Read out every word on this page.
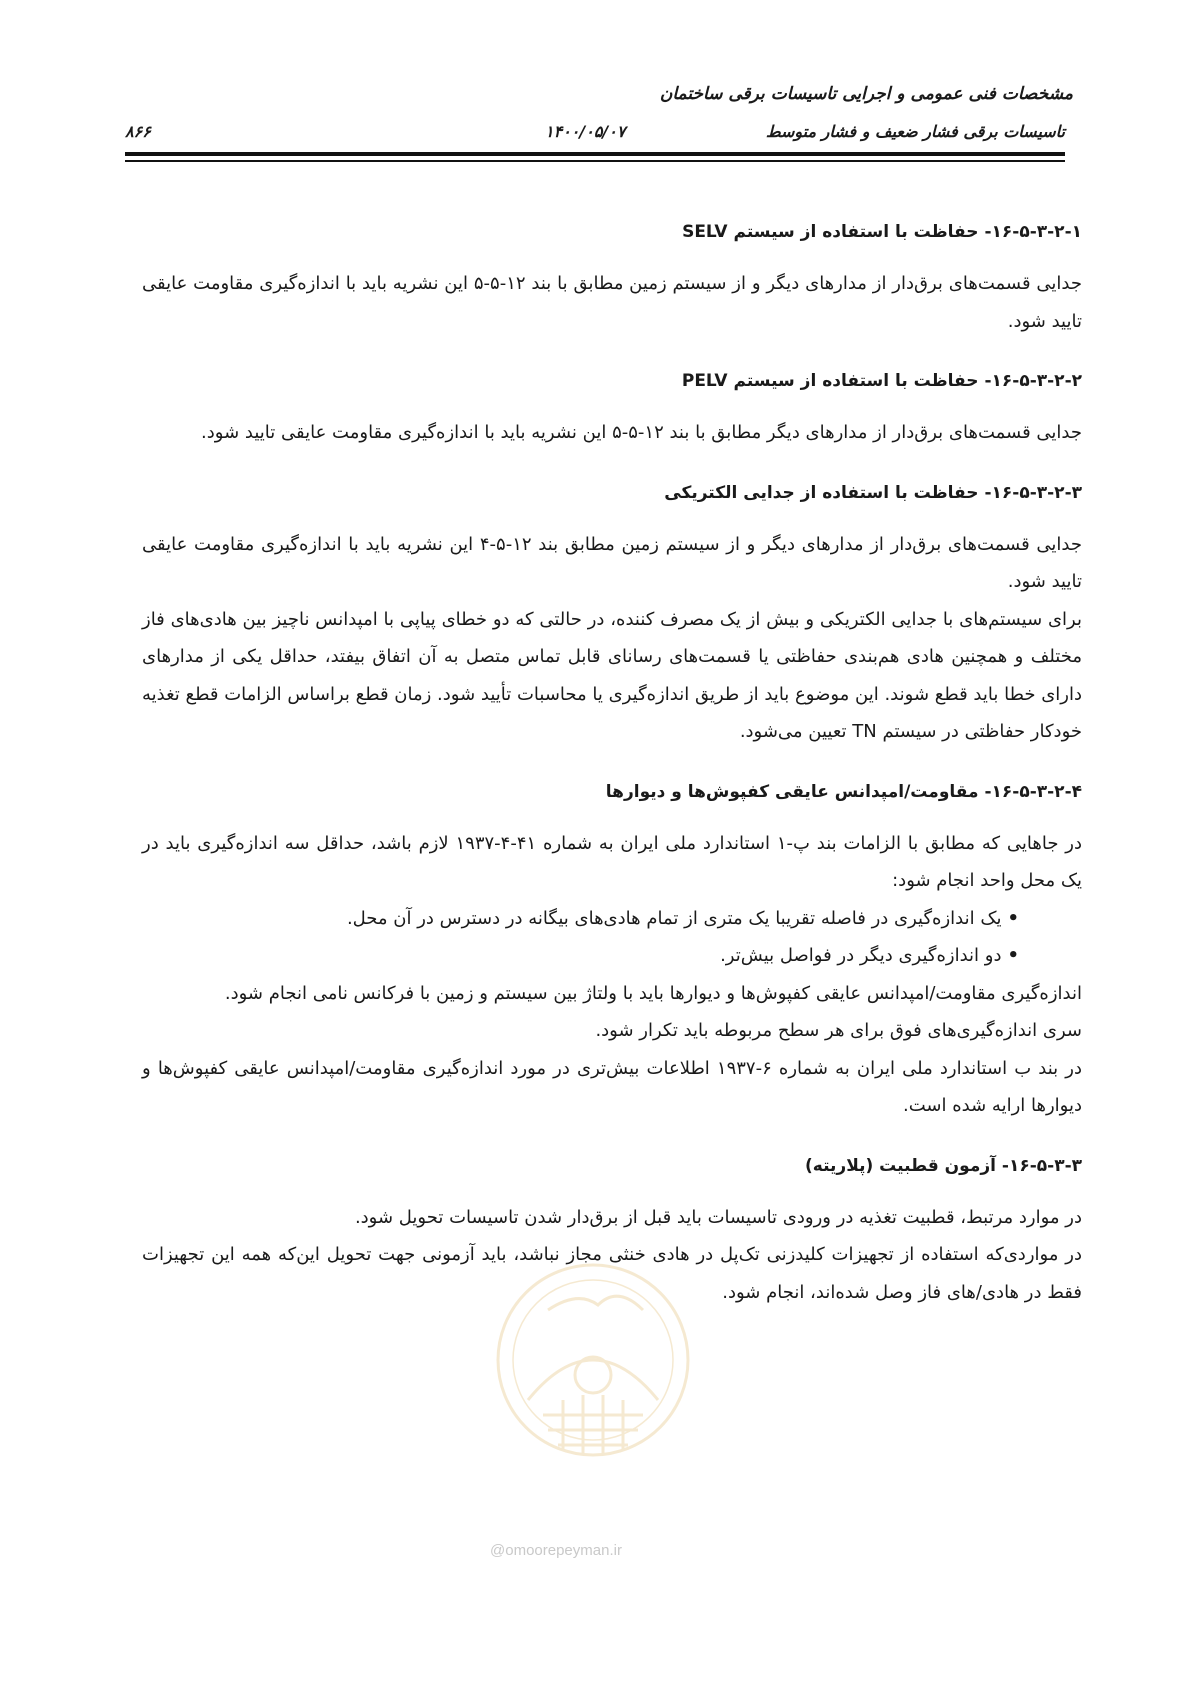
مشخصات فنی عمومی و اجرایی تاسیسات برقی ساختمان
تاسیسات برقی فشار ضعیف و فشار متوسط
۱۴۰۰/۰۵/۰۷
۸۶۶

۱۶-۵-۳-۲-۱- حفاظت با استفاده از سیستم SELV

جدایی قسمت‌های برق‌دار از مدارهای دیگر و از سیستم زمین مطابق با بند ۱۲-۵-۵ این نشریه باید با اندازه‌گیری مقاومت عایقی تایید شود.

۱۶-۵-۳-۲-۲- حفاظت با استفاده از سیستم PELV

جدایی قسمت‌های برق‌دار از مدارهای دیگر مطابق با بند ۱۲-۵-۵ این نشریه باید با اندازه‌گیری مقاومت عایقی تایید شود.

۱۶-۵-۳-۲-۳- حفاظت با استفاده از جدایی الکتریکی

جدایی قسمت‌های برق‌دار از مدارهای دیگر و از سیستم زمین مطابق بند ۱۲-۵-۴ این نشریه باید با اندازه‌گیری مقاومت عایقی تایید شود.

برای سیستم‌های با جدایی الکتریکی و بیش از یک مصرف کننده، در حالتی که دو خطای پیاپی با امپدانس ناچیز بین هادی‌های فاز مختلف و همچنین هادی هم‌بندی حفاظتی یا قسمت‌های رسانای قابل تماس متصل به آن اتفاق بیفتد، حداقل یکی از مدارهای دارای خطا باید قطع شوند. این موضوع باید از طریق اندازه‌گیری یا محاسبات تأیید شود. زمان قطع براساس الزامات قطع تغذیه خودکار حفاظتی در سیستم TN تعیین می‌شود.

۱۶-۵-۳-۲-۴- مقاومت/امپدانس عایقی کفپوش‌ها و دیوارها

در جاهایی که مطابق با الزامات بند پ-۱ استاندارد ملی ایران به شماره ۴۱-۴-۱۹۳۷ لازم باشد، حداقل سه اندازه‌گیری باید در یک محل واحد انجام شود:

•یک اندازه‌گیری در فاصله تقریبا یک متری از تمام هادی‌های بیگانه در دسترس در آن محل.
•دو اندازه‌گیری دیگر در فواصل بیش‌تر.

اندازه‌گیری مقاومت/امپدانس عایقی کفپوش‌ها و دیوارها باید با ولتاژ بین سیستم و زمین با فرکانس نامی انجام شود.

سری اندازه‌گیری‌های فوق برای هر سطح مربوطه باید تکرار شود.

در بند ب استاندارد ملی ایران به شماره ۶-۱۹۳۷ اطلاعات بیش‌تری در مورد اندازه‌گیری مقاومت/امپدانس عایقی کفپوش‌ها و دیوارها ارایه شده است.

۱۶-۵-۳-۳- آزمون قطبیت (پلاریته)

در موارد مرتبط، قطبیت تغذیه در ورودی تاسیسات باید قبل از برق‌دار شدن تاسیسات تحویل شود.

در مواردی‌که استفاده از تجهیزات کلیدزنی تک‌پل در هادی خنثی مجاز نباشد، باید آزمونی جهت تحویل این‌که همه این تجهیزات فقط در هادی/های فاز وصل شده‌اند، انجام شود.

@omoorepeyman.ir
